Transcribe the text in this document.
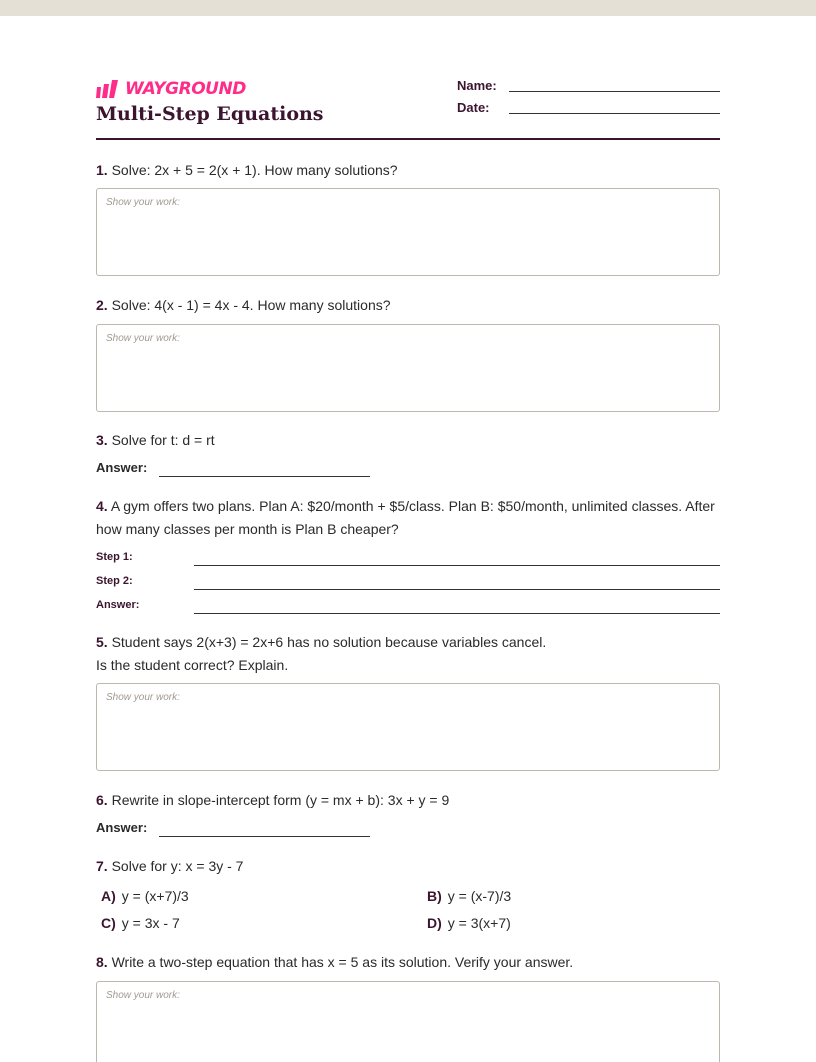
WAYGROUND
Multi-Step Equations
Name:
Date:
1. Solve: 2x + 5 = 2(x + 1). How many solutions?
Show your work:
2. Solve: 4(x - 1) = 4x - 4. How many solutions?
Show your work:
3. Solve for t: d = rt
Answer:
4. A gym offers two plans. Plan A: $20/month + $5/class. Plan B: $50/month, unlimited classes. After how many classes per month is Plan B cheaper?
Step 1:
Step 2:
Answer:
5. Student says 2(x+3) = 2x+6 has no solution because variables cancel.
Is the student correct? Explain.
Show your work:
6. Rewrite in slope-intercept form (y = mx + b): 3x + y = 9
Answer:
7. Solve for y: x = 3y - 7
A) y = (x+7)/3	B) y = (x-7)/3
C) y = 3x - 7	D) y = 3(x+7)
8. Write a two-step equation that has x = 5 as its solution. Verify your answer.
Show your work:
